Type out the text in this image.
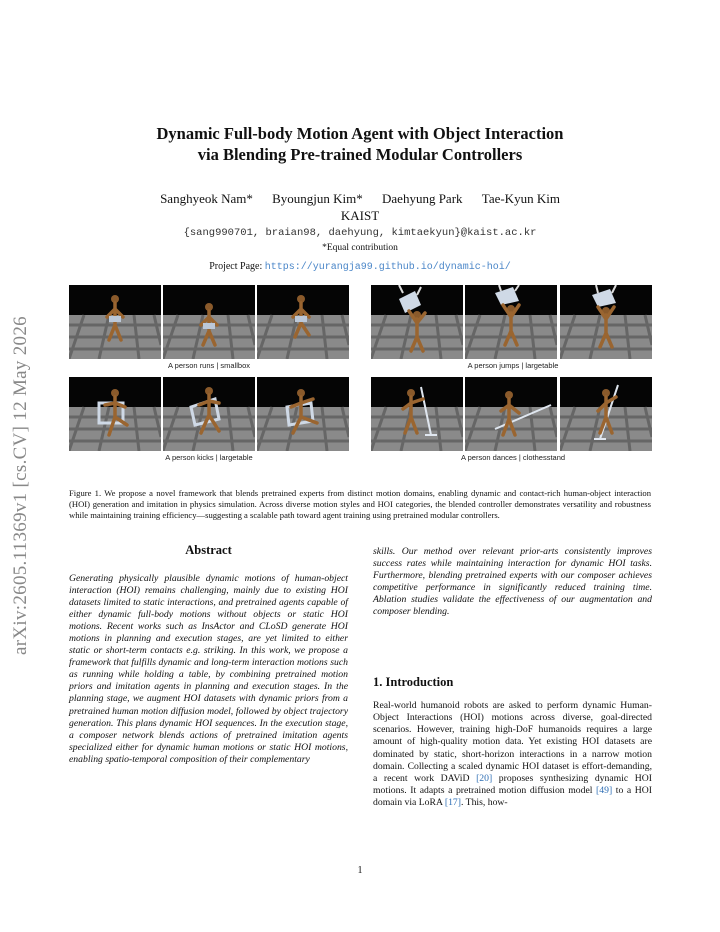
arXiv:2605.11369v1 [cs.CV] 12 May 2026
Dynamic Full-body Motion Agent with Object Interaction
via Blending Pre-trained Modular Controllers
Sanghyeok Nam* Byoungjun Kim* Daehyung Park Tae-Kyun Kim
KAIST
{sang990701, braian98, daehyung, kimtaekyun}@kaist.ac.kr
*Equal contribution
Project Page: https://yurangja99.github.io/dynamic-hoi/
A person runs | smallbox	A person jumps | largetable
A person kicks | largetable	A person dances | clothesstand
Figure 1. We propose a novel framework that blends pretrained experts from distinct motion domains, enabling dynamic and contact-rich human-object interaction (HOI) generation and imitation in physics simulation. Across diverse motion styles and HOI categories, the blended controller demonstrates versatility and robustness while maintaining training efficiency—suggesting a scalable path toward agent training using pretrained modular controllers.
Abstract
Generating physically plausible dynamic motions of human-object interaction (HOI) remains challenging, mainly due to existing HOI datasets limited to static interactions, and pretrained agents capable of either dynamic full-body motions without objects or static HOI motions. Recent works such as InsActor and CLoSD generate HOI motions in planning and execution stages, are yet limited to either static or short-term contacts e.g. striking. In this work, we propose a framework that fulfills dynamic and long-term interaction motions such as running while holding a table, by combining pretrained motion priors and imitation agents in planning and execution stages. In the planning stage, we augment HOI datasets with dynamic priors from a pretrained human motion diffusion model, followed by object trajectory generation. This plans dynamic HOI sequences. In the execution stage, a composer network blends actions of pretrained imitation agents specialized either for dynamic human motions or static HOI motions, enabling spatio-temporal composition of their complementary
skills. Our method over relevant prior-arts consistently improves success rates while maintaining interaction for dynamic HOI tasks. Furthermore, blending pretrained experts with our composer achieves competitive performance in significantly reduced training time. Ablation studies validate the effectiveness of our augmentation and composer blending.
1. Introduction
Real-world humanoid robots are asked to perform dynamic Human-Object Interactions (HOI) motions across diverse, goal-directed scenarios. However, training high-DoF humanoids requires a large amount of high-quality motion data. Yet existing HOI datasets are dominated by static, short-horizon interactions in a narrow motion domain. Collecting a scaled dynamic HOI dataset is effort-demanding, a recent work DAViD [20] proposes synthesizing dynamic HOI motions. It adapts a pretrained motion diffusion model [49] to a HOI domain via LoRA [17]. This, how-
1
